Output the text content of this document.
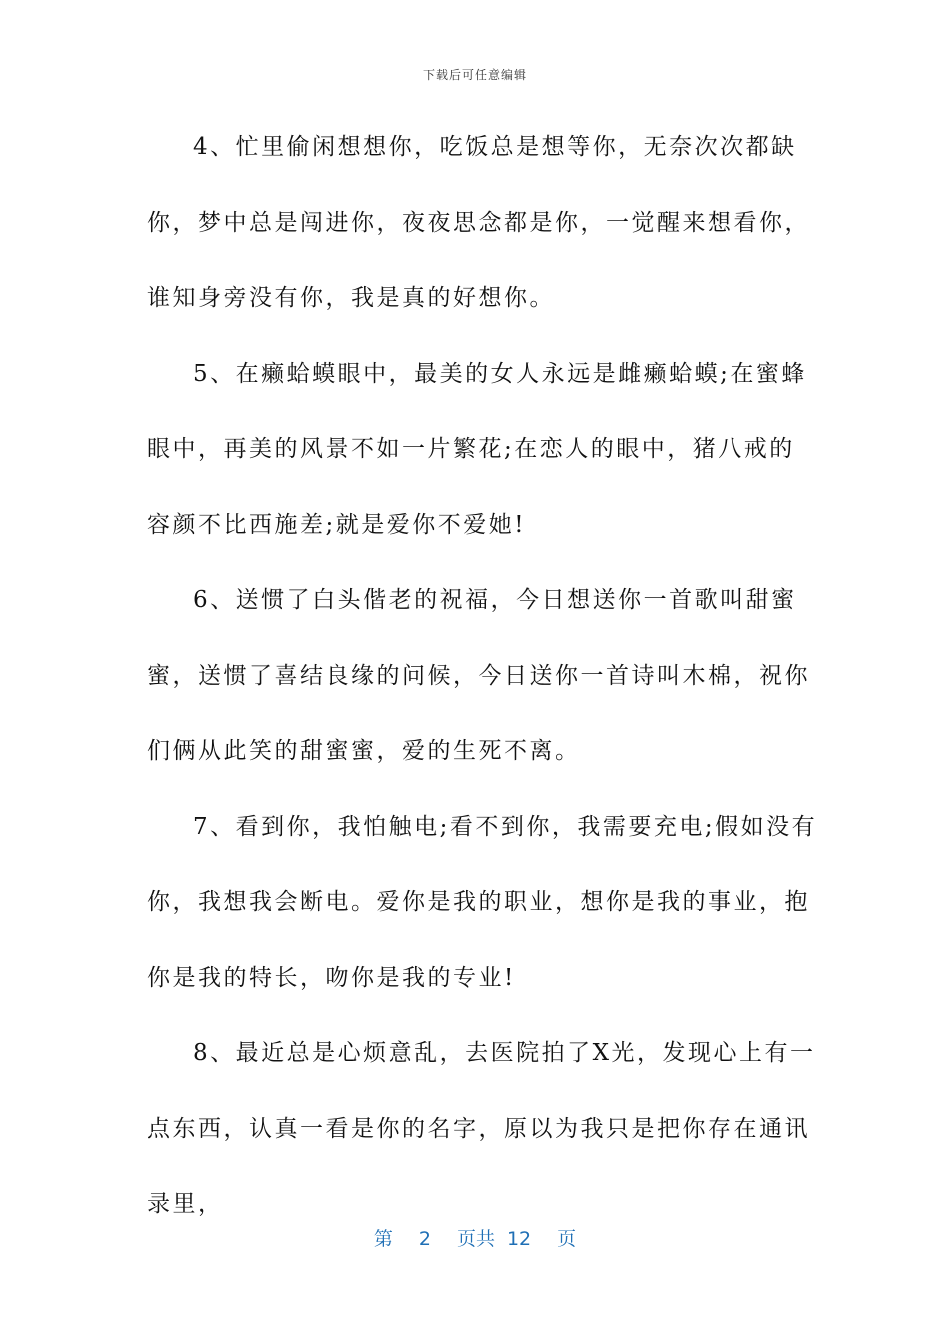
下载后可任意编辑

4、忙里偷闲想想你，吃饭总是想等你，无奈次次都缺你，梦中总是闯进你，夜夜思念都是你，一觉醒来想看你，谁知身旁没有你，我是真的好想你。

5、在癞蛤蟆眼中，最美的女人永远是雌癞蛤蟆;在蜜蜂眼中，再美的风景不如一片繁花;在恋人的眼中，猪八戒的容颜不比西施差;就是爱你不爱她!

6、送惯了白头偕老的祝福，今日想送你一首歌叫甜蜜蜜，送惯了喜结良缘的问候，今日送你一首诗叫木棉，祝你们俩从此笑的甜蜜蜜，爱的生死不离。

7、看到你，我怕触电;看不到你，我需要充电;假如没有你，我想我会断电。爱你是我的职业，想你是我的事业，抱你是我的特长，吻你是我的专业!

8、最近总是心烦意乱，去医院拍了X光，发现心上有一点东西，认真一看是你的名字，原以为我只是把你存在通讯录里，

第 2 页共 12 页
